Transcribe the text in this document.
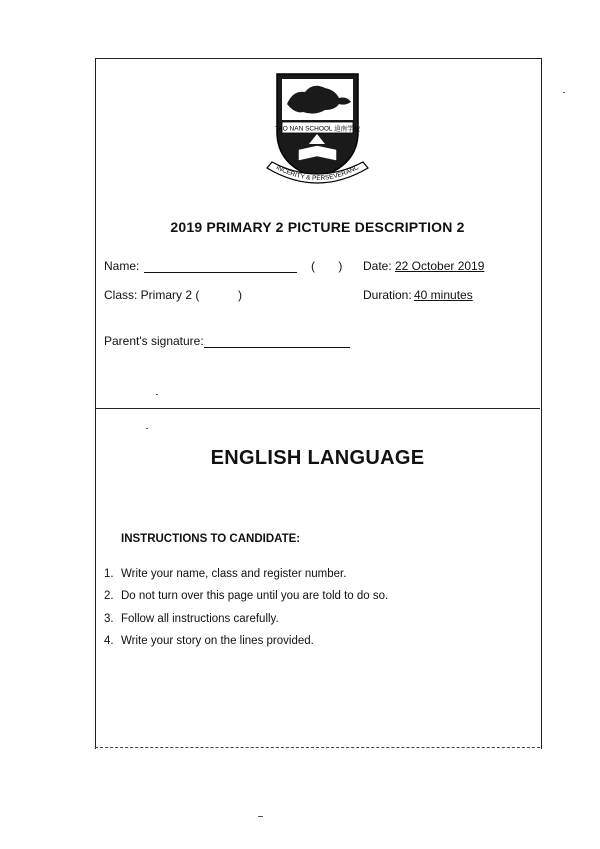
TAO NAN SCHOOL 道南学校
INCERITY & PERSEVERANC
2019 PRIMARY 2 PICTURE DESCRIPTION 2
Name:	(       ) Date: 22 October 2019
Class: Primary 2 (	)	Duration: 40 minutes
Parent's signature:
ENGLISH LANGUAGE
INSTRUCTIONS TO CANDIDATE:
1. Write your name, class and register number.
2. Do not turn over this page until you are told to do so.
3. Follow all instructions carefully.
4. Write your story on the lines provided.
